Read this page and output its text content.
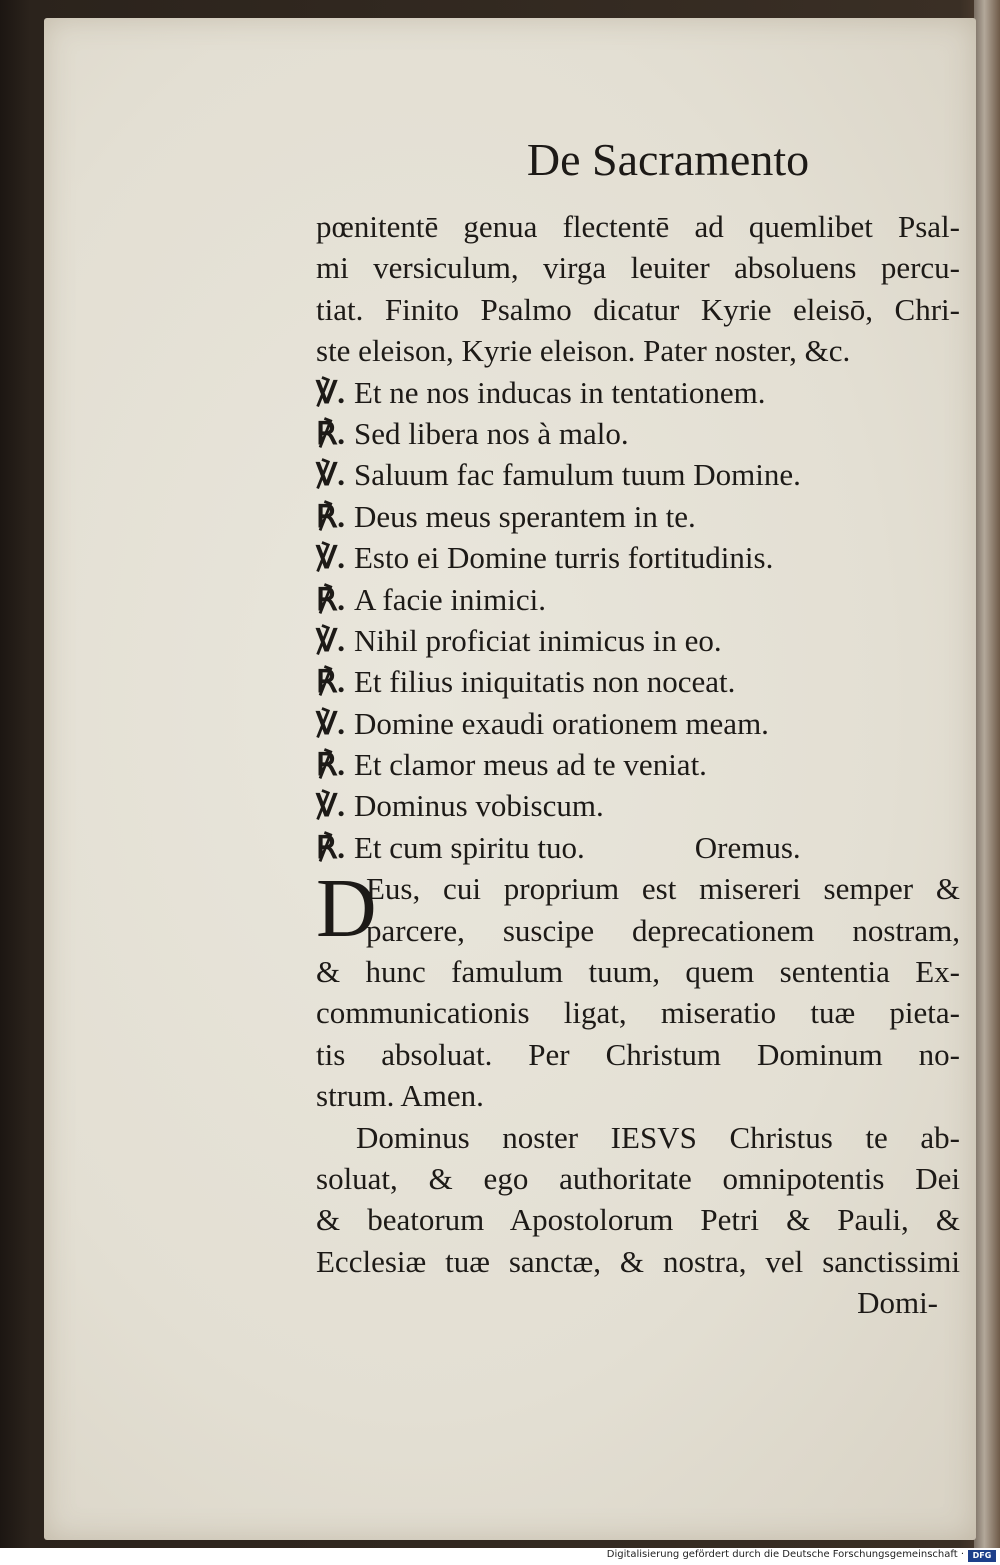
De Sacramento
pœnitentē genua flectentē ad quemlibet Psal-
mi versiculum, virga leuiter absoluens percu-
tiat. Finito Psalmo dicatur Kyrie eleisō, Chri-
ste eleison, Kyrie eleison. Pater noster, &c.
℣. Et ne nos inducas in tentationem.
℟. Sed libera nos à malo.
℣. Saluum fac famulum tuum Domine.
℟. Deus meus sperantem in te.
℣. Esto ei Domine turris fortitudinis.
℟. A facie inimici.
℣. Nihil proficiat inimicus in eo.
℟. Et filius iniquitatis non noceat.
℣. Domine exaudi orationem meam.
℟. Et clamor meus ad te veniat.
℣. Dominus vobiscum.
℟. Et cum spiritu tuo.	Oremus.
D
Eus, cui proprium est misereri semper &
parcere, suscipe deprecationem nostram,
& hunc famulum tuum, quem sententia Ex-
communicationis ligat, miseratio tuæ pieta-
tis absoluat. Per Christum Dominum no-
strum. Amen.
Dominus noster IESVS Christus te ab-
soluat, & ego authoritate omnipotentis Dei
& beatorum Apostolorum Petri & Pauli, &
Ecclesiæ tuæ sanctæ, & nostra, vel sanctissimi
Domi-
Digitalisierung gefördert durch die Deutsche Forschungsgemeinschaft ·	DFG
